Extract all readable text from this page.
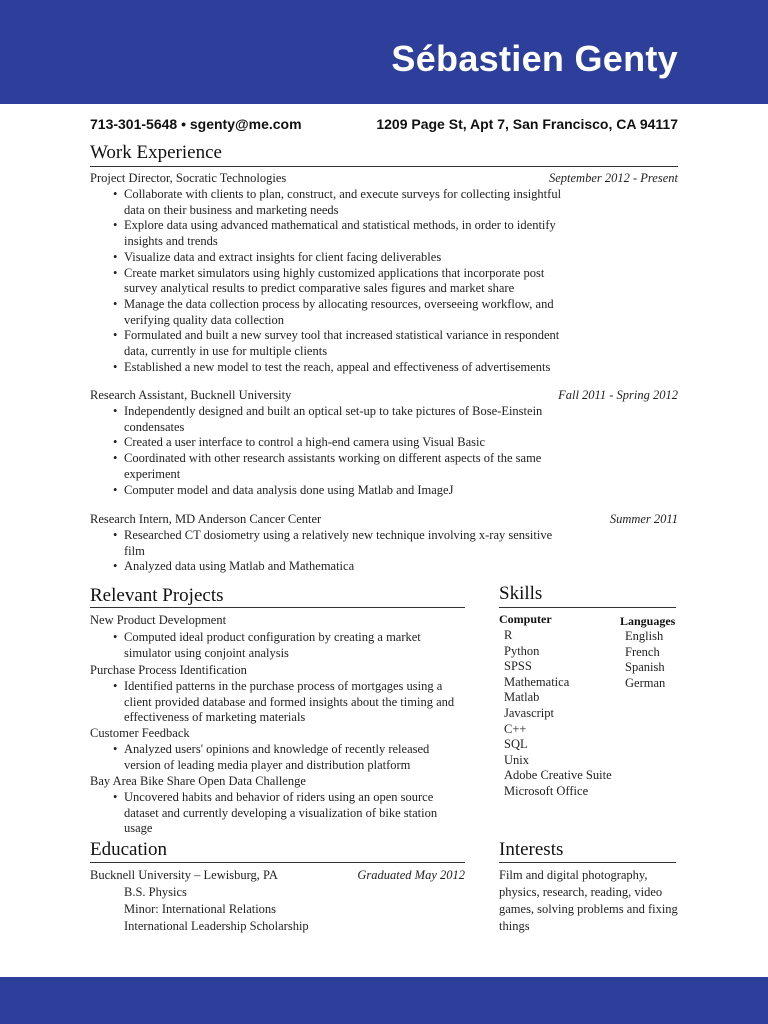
Sébastien Genty
713-301-5648 • sgenty@me.com	1209 Page St, Apt 7, San Francisco, CA 94117
Work Experience
Project Director, Socratic Technologies	September 2012 - Present
• Collaborate with clients to plan, construct, and execute surveys for collecting insightful data on their business and marketing needs
• Explore data using advanced mathematical and statistical methods, in order to identify insights and trends
• Visualize data and extract insights for client facing deliverables
• Create market simulators using highly customized applications that incorporate post survey analytical results to predict comparative sales figures and market share
• Manage the data collection process by allocating resources, overseeing workflow, and verifying quality data collection
• Formulated and built a new survey tool that increased statistical variance in respondent data, currently in use for multiple clients
• Established a new model to test the reach, appeal and effectiveness of advertisements
Research Assistant, Bucknell University	Fall 2011 - Spring 2012
• Independently designed and built an optical set-up to take pictures of Bose-Einstein condensates
• Created a user interface to control a high-end camera using Visual Basic
• Coordinated with other research assistants working on different aspects of the same experiment
• Computer model and data analysis done using Matlab and ImageJ
Research Intern, MD Anderson Cancer Center	Summer 2011
• Researched CT dosiometry using a relatively new technique involving x-ray sensitive film
• Analyzed data using Matlab and Mathematica
Relevant Projects
New Product Development
• Computed ideal product configuration by creating a market simulator using conjoint analysis
Purchase Process Identification
• Identified patterns in the purchase process of mortgages using a client provided database and formed insights about the timing and effectiveness of marketing materials
Customer Feedback
• Analyzed users' opinions and knowledge of recently released version of leading media player and distribution platform
Bay Area Bike Share Open Data Challenge
• Uncovered habits and behavior of riders using an open source dataset and currently developing a visualization of bike station usage
Skills
Computer
R
Python
SPSS
Mathematica
Matlab
Javascript
C++
SQL
Unix
Adobe Creative Suite
Microsoft Office
Languages
English
French
Spanish
German
Education
Bucknell University – Lewisburg, PA	Graduated May 2012
B.S. Physics
Minor: International Relations
International Leadership Scholarship
Interests
Film and digital photography, physics, research, reading, video games, solving problems and fixing things
